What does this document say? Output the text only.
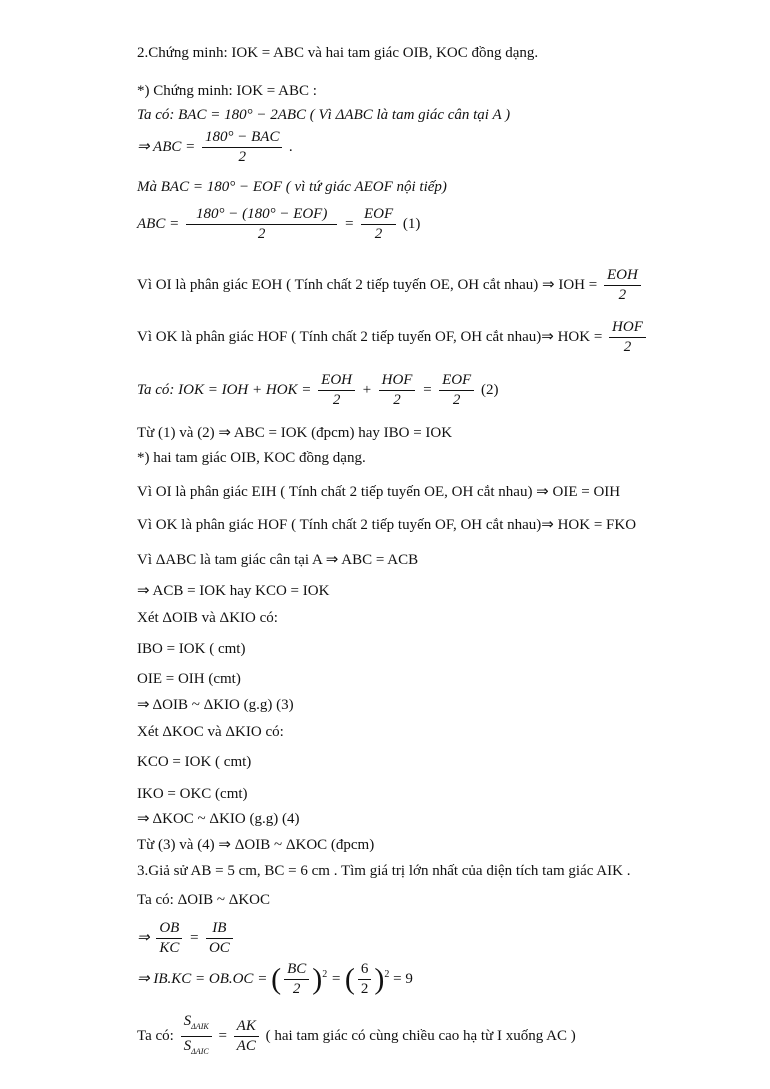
2.Chứng minh: IOK = ABC và hai tam giác OIB, KOC đồng dạng.
*) Chứng minh: IOK = ABC :
Ta có: BAC = 180° − 2ABC ( Vì ΔABC là tam giác cân tại A )
⇒ ABC = $\frac{\text{180° − BAC}}{2}$ .
Mà BAC = 180° − EOF ( vì tứ giác AEOF nội tiếp)
ABC = $\frac{\text{180° − (180° − EOF)}}{2} = \frac{\text{EOF}}{2} (1)$
Vì OI là phân giác EOH ( Tính chất 2 tiếp tuyến OE, OH cắt nhau) ⇒ IOH = $\frac{\text{EOH}}{2}$
Vì OK là phân giác HOF ( Tính chất 2 tiếp tuyến OF, OH cắt nhau)⇒ HOK = $\frac{\text{HOF}}{2}$
Ta có: IOK = IOH + HOK = $\frac{\text{EOH}}{2} + \frac{\text{HOF}}{2} = \frac{\text{EOF}}{2} (2)$
Từ (1) và (2) ⇒ ABC = IOK (đpcm) hay IBO = IOK
*) hai tam giác OIB, KOC đồng dạng.
Vì OI là phân giác EIH ( Tính chất 2 tiếp tuyến OE, OH cắt nhau) ⇒ OIE = OIH
Vì OK là phân giác HOF ( Tính chất 2 tiếp tuyến OF, OH cắt nhau)⇒ HOK = FKO
Vì ΔABC là tam giác cân tại A ⇒ ABC = ACB
⇒ ACB = IOK hay KCO = IOK
Xét ΔOIB và ΔKIO có:
IBO = IOK ( cmt)
OIE = OIH (cmt)
⇒ ΔOIB ~ ΔKIO (g.g) (3)
Xét ΔKOC và ΔKIO có:
KCO = IOK ( cmt)
IKO = OKC (cmt)
⇒ ΔKOC ~ ΔKIO (g.g) (4)
Từ (3) và (4) ⇒ ΔOIB ~ ΔKOC (đpcm)
3.Giả sử AB = 5 cm, BC = 6 cm . Tìm giá trị lớn nhất của diện tích tam giác AIK .
Ta có: ΔOIB ~ ΔKOC
⇒ $\frac{OB}{KC} = \frac{IB}{OC}$
⇒ IB.KC = OB.OC = ( $\frac{BC}{2} )^2$ = ( $\frac{6}{2} )^2 = 9$
Ta có: $\frac{S_{\Delta AIK}}{S_{\Delta AIC}} = \frac{AK}{AC}$ ( hai tam giác có cùng chiều cao hạ từ I xuống AC )
